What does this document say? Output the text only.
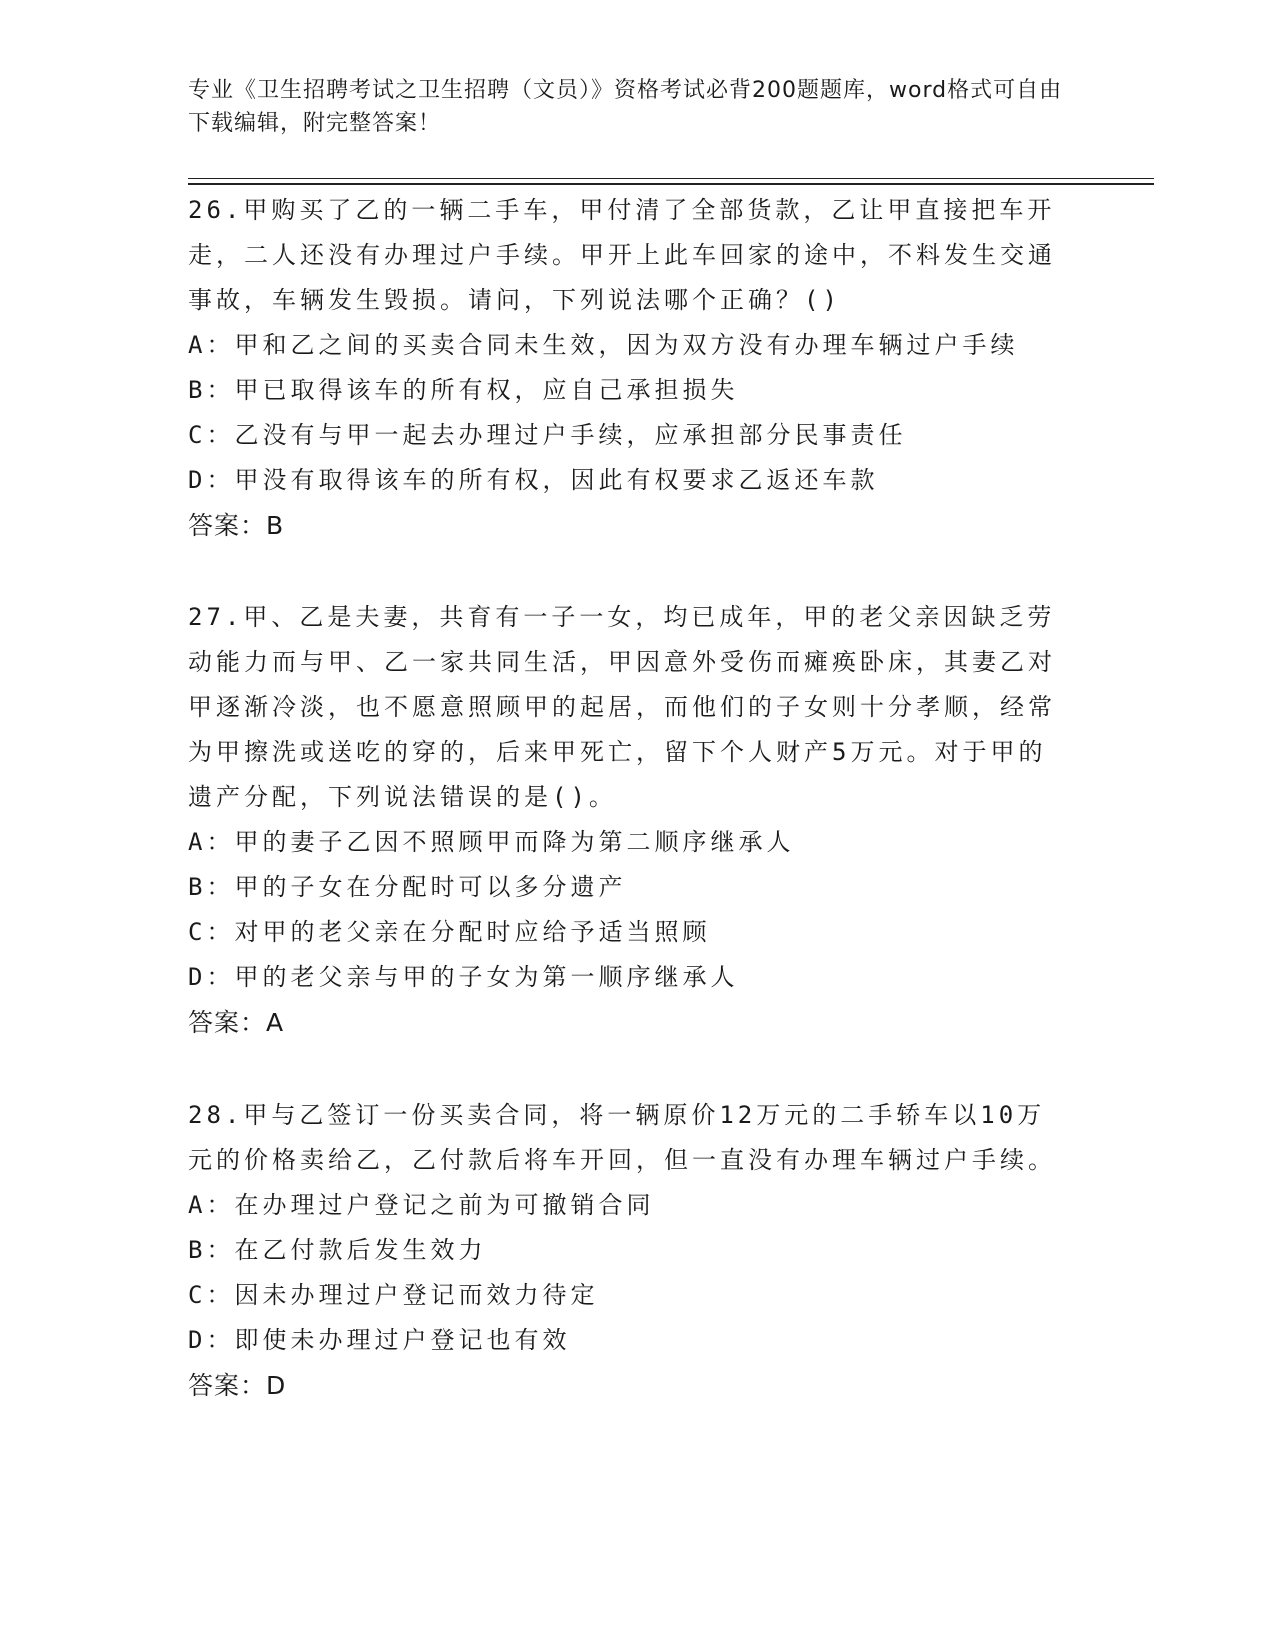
专业《卫生招聘考试之卫生招聘（文员）》资格考试必背200题题库，word格式可自由下载编辑，附完整答案！

26.甲购买了乙的一辆二手车，甲付清了全部货款，乙让甲直接把车开走，二人还没有办理过户手续。甲开上此车回家的途中，不料发生交通事故，车辆发生毁损。请问，下列说法哪个正确？()

A：甲和乙之间的买卖合同未生效，因为双方没有办理车辆过户手续
B：甲已取得该车的所有权，应自己承担损失
C：乙没有与甲一起去办理过户手续，应承担部分民事责任
D：甲没有取得该车的所有权，因此有权要求乙返还车款
答案：B

27.甲、乙是夫妻，共育有一子一女，均已成年，甲的老父亲因缺乏劳动能力而与甲、乙一家共同生活，甲因意外受伤而瘫痪卧床，其妻乙对甲逐渐冷淡，也不愿意照顾甲的起居，而他们的子女则十分孝顺，经常为甲擦洗或送吃的穿的，后来甲死亡，留下个人财产5万元。对于甲的遗产分配，下列说法错误的是()。

A：甲的妻子乙因不照顾甲而降为第二顺序继承人
B：甲的子女在分配时可以多分遗产
C：对甲的老父亲在分配时应给予适当照顾
D：甲的老父亲与甲的子女为第一顺序继承人
答案：A

28.甲与乙签订一份买卖合同，将一辆原价12万元的二手轿车以10万元的价格卖给乙，乙付款后将车开回，但一直没有办理车辆过户手续。

A：在办理过户登记之前为可撤销合同
B：在乙付款后发生效力
C：因未办理过户登记而效力待定
D：即使未办理过户登记也有效
答案：D
